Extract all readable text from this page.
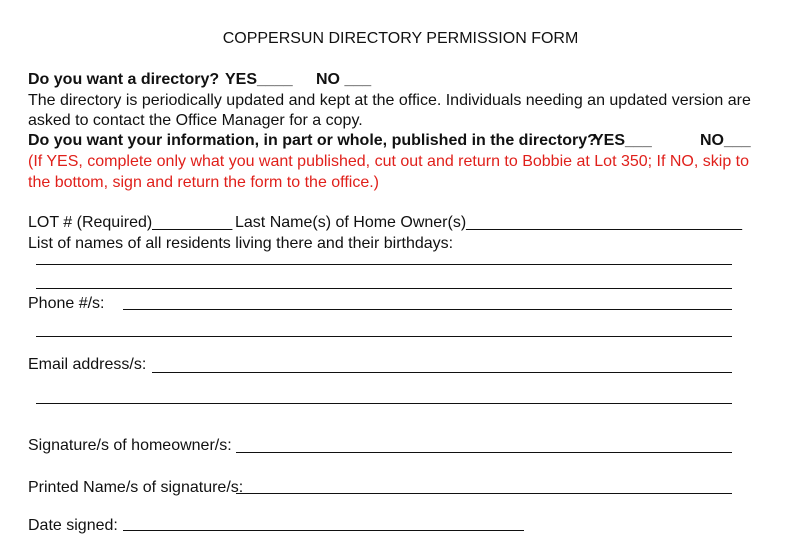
COPPERSUN DIRECTORY PERMISSION FORM
Do you want a directory? YES____ NO ___
The directory is periodically updated and kept at the office. Individuals needing an updated version are
asked to contact the Office Manager for a copy.
Do you want your information, in part or whole, published in the directory?
YES___	NO___
(If YES, complete only what you want published, cut out and return to Bobbie at Lot 350; If NO, skip to
the bottom, sign and return the form to the office.)
LOT # (Required)_________ Last Name(s) of Home Owner(s)_______________________________
List of names of all residents living there and their birthdays:
Phone #/s:
Email address/s:
Signature/s of homeowner/s:
Printed Name/s of signature/s:
Date signed:
